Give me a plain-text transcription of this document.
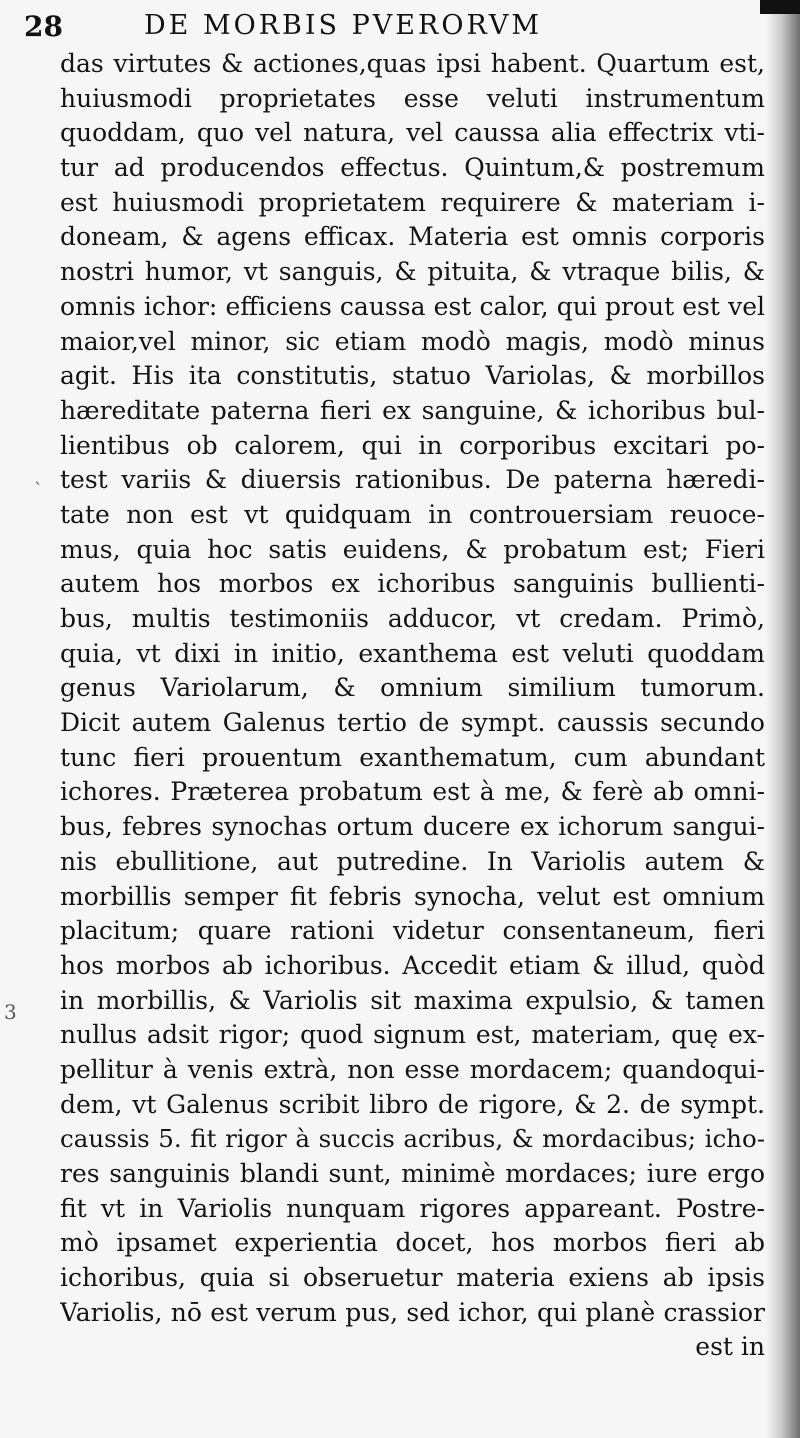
28	DE MORBIS PVERORVM
`
3
das virtutes & actiones,quas ipsi habent. Quartum est,
huiusmodi proprietates esse veluti instrumentum
quoddam, quo vel natura, vel caussa alia effectrix vti-
tur ad producendos effectus. Quintum,& postremum
est huiusmodi proprietatem requirere & materiam i-
doneam, & agens efficax. Materia est omnis corporis
nostri humor, vt sanguis, & pituita, & vtraque bilis, &
omnis ichor: efficiens caussa est calor, qui prout est vel
maior,vel minor, sic etiam modò magis, modò minus
agit. His ita constitutis, statuo Variolas, & morbillos
hæreditate paterna fieri ex sanguine, & ichoribus bul-
lientibus ob calorem, qui in corporibus excitari po-
test variis & diuersis rationibus. De paterna hæredi-
tate non est vt quidquam in controuersiam reuoce-
mus, quia hoc satis euidens, & probatum est; Fieri
autem hos morbos ex ichoribus sanguinis bullienti-
bus, multis testimoniis adducor, vt credam. Primò,
quia, vt dixi in initio, exanthema est veluti quoddam
genus Variolarum, & omnium similium tumorum.
Dicit autem Galenus tertio de sympt. caussis secundo
tunc fieri prouentum exanthematum, cum abundant
ichores. Præterea probatum est à me, & ferè ab omni-
bus, febres synochas ortum ducere ex ichorum sangui-
nis ebullitione, aut putredine. In Variolis autem &
morbillis semper fit febris synocha, velut est omnium
placitum; quare rationi videtur consentaneum, fieri
hos morbos ab ichoribus. Accedit etiam & illud, quòd
in morbillis, & Variolis sit maxima expulsio, & tamen
nullus adsit rigor; quod signum est, materiam, quę ex-
pellitur à venis extrà, non esse mordacem; quandoqui-
dem, vt Galenus scribit libro de rigore, & 2. de sympt.
caussis 5. fit rigor à succis acribus, & mordacibus; icho-
res sanguinis blandi sunt, minimè mordaces; iure ergo
fit vt in Variolis nunquam rigores appareant. Postre-
mò ipsamet experientia docet, hos morbos fieri ab
ichoribus, quia si obseruetur materia exiens ab ipsis
Variolis, nō est verum pus, sed ichor, qui planè crassior
est in
